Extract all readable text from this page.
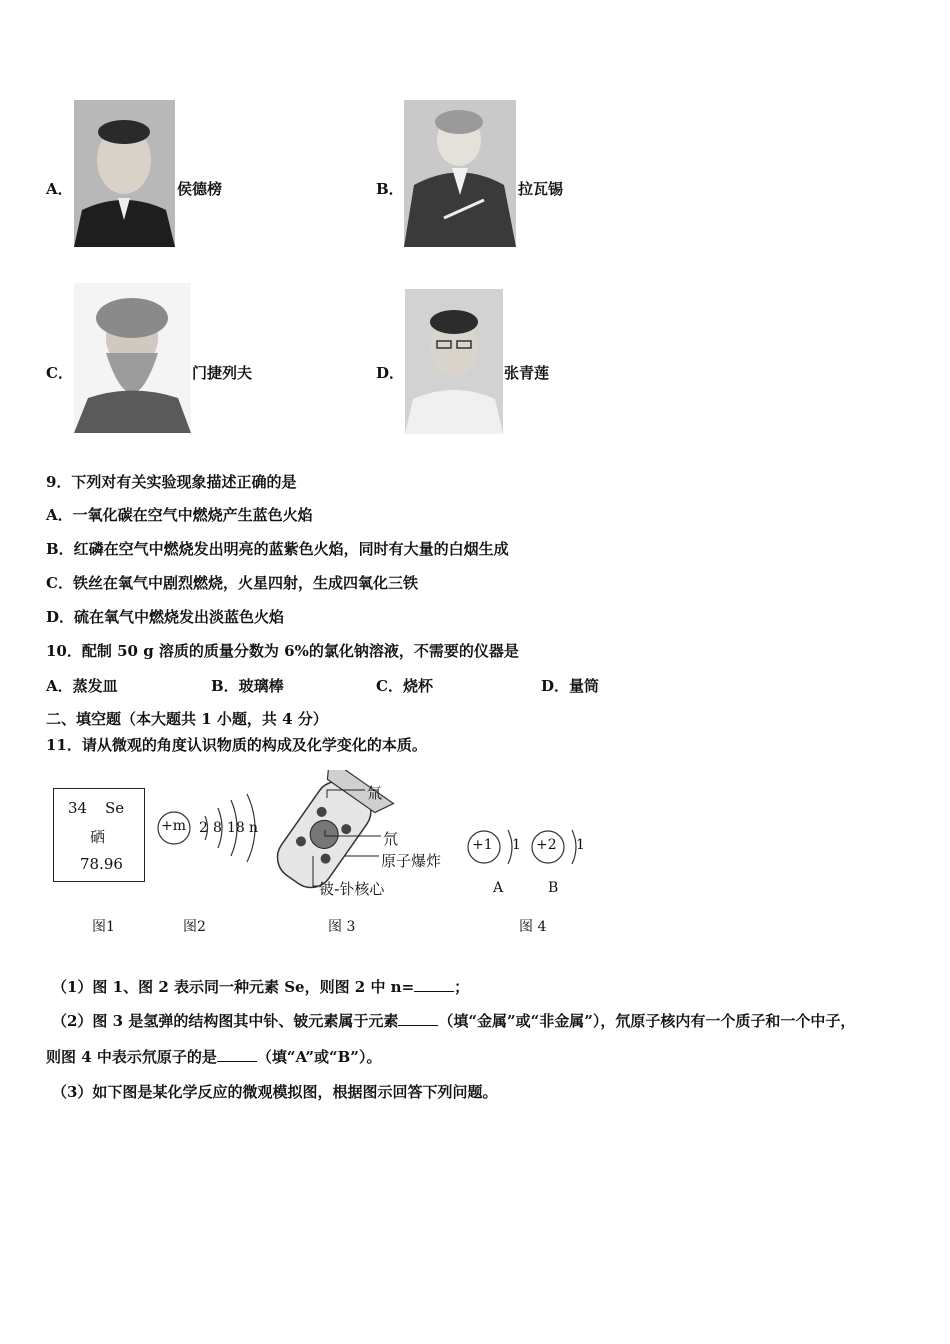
A．	侯德榜	B．	拉瓦锡
C．	门捷列夫	D．	张青莲
9．下列对有关实验现象描述正确的是
A．一氧化碳在空气中燃烧产生蓝色火焰
B．红磷在空气中燃烧发出明亮的蓝紫色火焰，同时有大量的白烟生成
C．铁丝在氧气中剧烈燃烧，火星四射，生成四氧化三铁
D．硫在氧气中燃烧发出淡蓝色火焰
10．配制 50 g 溶质的质量分数为 6%的氯化钠溶液，不需要的仪器是
A．蒸发皿	B．玻璃棒	C．烧杯	D．量筒
二、填空题（本大题共 1 小题，共 4 分）
11．请从微观的角度认识物质的构成及化学变化的本质。
34 Se
硒
78.96
图1
+m 2 8 18 n
图2
氚
氘
原子爆炸
铍-钋核心
图 3
+1 1
A
+2 1
B
图 4
（1）图 1、图 2 表示同一种元素 Se，则图 2 中 n=	；
（2）图 3 是氢弹的结构图其中钋、铍元素属于元素	（填“金属”或“非金属”），氘原子核内有一个质子和一个中子，
则图 4 中表示氘原子的是	（填“A”或“B”）。
（3）如下图是某化学反应的微观模拟图，根据图示回答下列问题。
